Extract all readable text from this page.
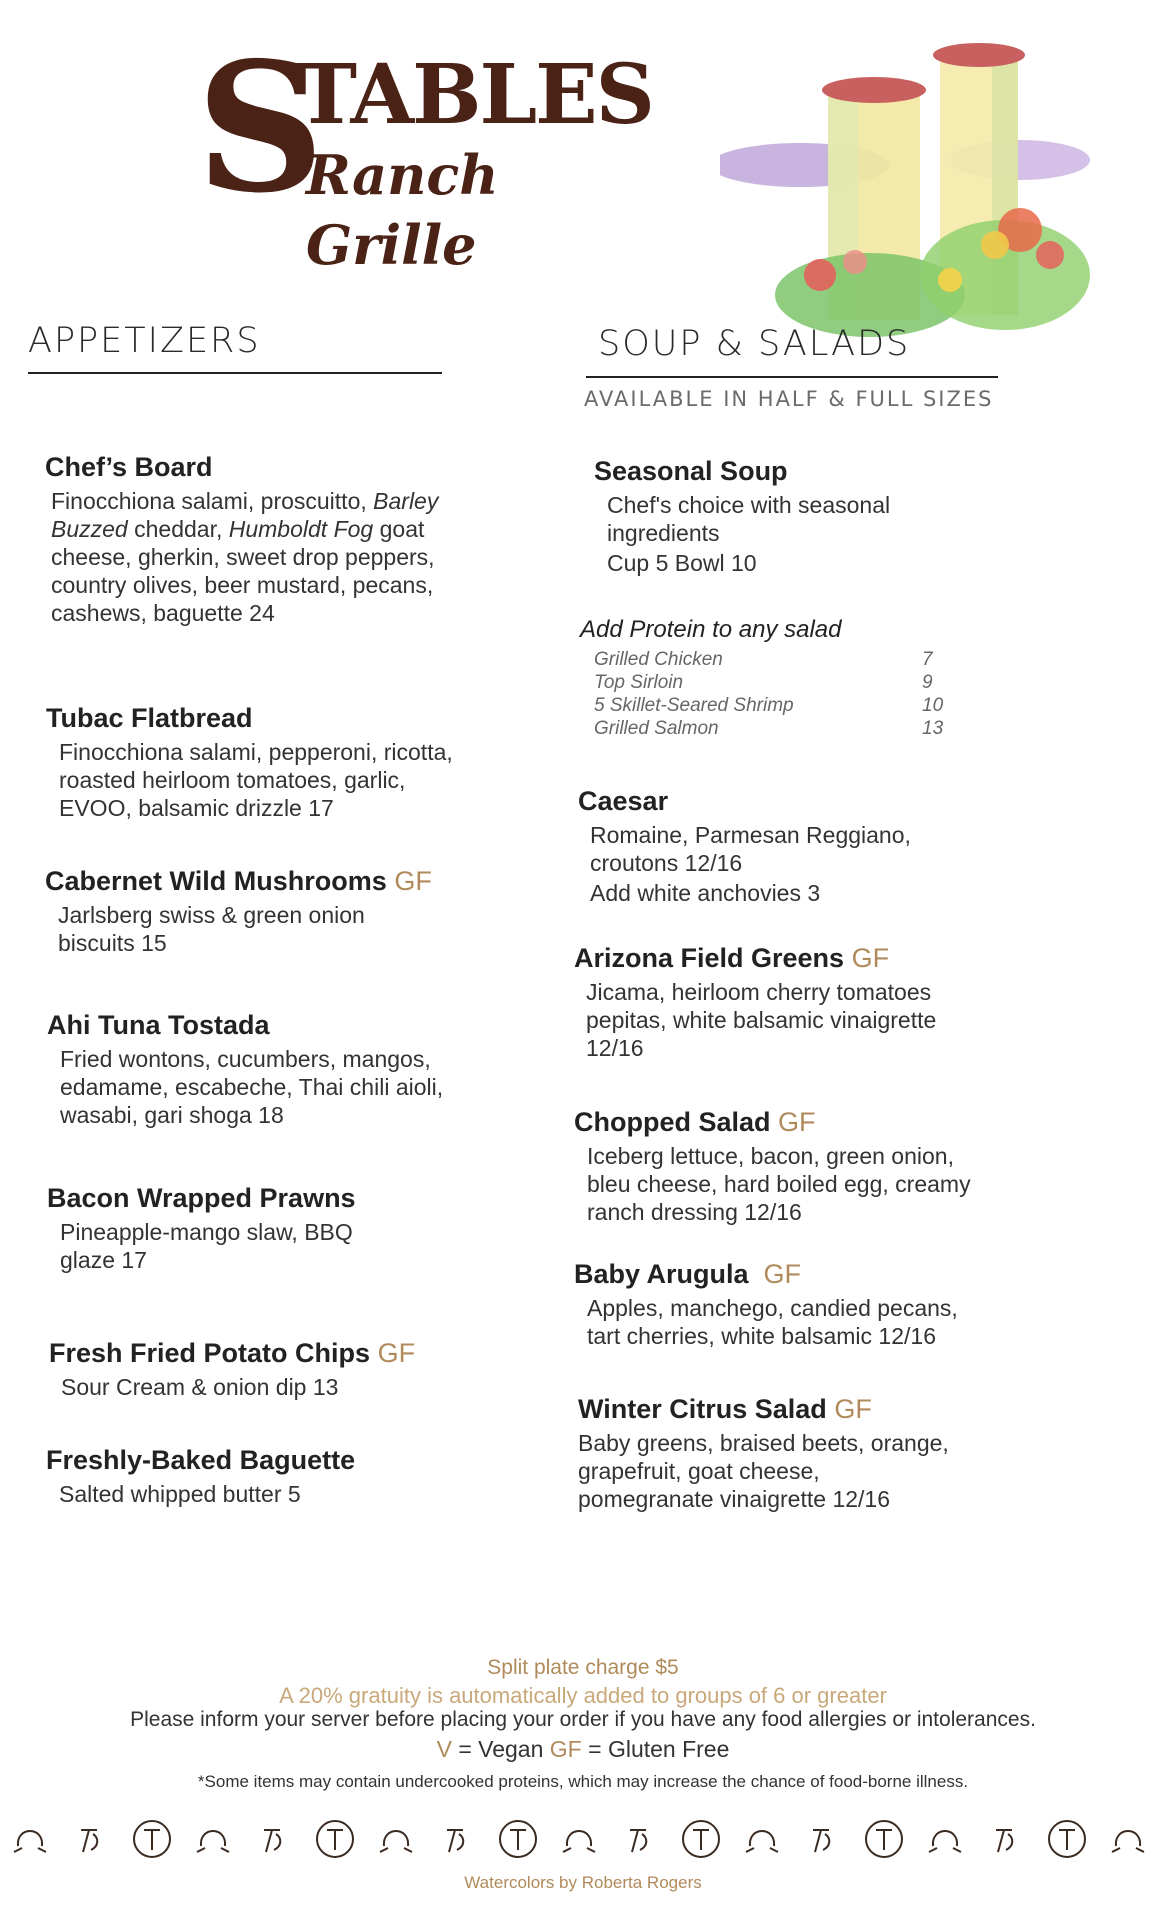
S
TABLES
Ranch Grille
APPETIZERS	SOUP & SALADS
AVAILABLE IN HALF & FULL SIZES
Chef’s Board
Finocchiona salami, proscuitto, Barley Buzzed cheddar, Humboldt Fog goat cheese, gherkin, sweet drop peppers, country olives, beer mustard, pecans, cashews, baguette 24
Tubac Flatbread
Finocchiona salami, pepperoni, ricotta, roasted heirloom tomatoes, garlic, EVOO, balsamic drizzle 17
Cabernet Wild Mushrooms GF
Jarlsberg swiss & green onion biscuits 15
Ahi Tuna Tostada
Fried wontons, cucumbers, mangos, edamame, escabeche, Thai chili aioli, wasabi, gari shoga 18
Bacon Wrapped Prawns
Pineapple-mango slaw, BBQ glaze 17
Fresh Fried Potato Chips GF
Sour Cream & onion dip 13
Freshly-Baked Baguette
Salted whipped butter 5
Seasonal Soup
Chef's choice with seasonal ingredients
Cup 5 Bowl 10
Add Protein to any salad
Grilled Chicken	7
Top Sirloin	9
5 Skillet-Seared Shrimp	10
Grilled Salmon	13
Caesar
Romaine, Parmesan Reggiano, croutons 12/16
Add white anchovies 3
Arizona Field Greens GF
Jicama, heirloom cherry tomatoes pepitas, white balsamic vinaigrette 12/16
Chopped Salad GF
Iceberg lettuce, bacon, green onion, bleu cheese, hard boiled egg, creamy ranch dressing 12/16
Baby Arugula GF
Apples, manchego, candied pecans, tart cherries, white balsamic 12/16
Winter Citrus Salad GF
Baby greens, braised beets, orange, grapefruit, goat cheese, pomegranate vinaigrette 12/16
Split plate charge $5
A 20% gratuity is automatically added to groups of 6 or greater
Please inform your server before placing your order if you have any food allergies or intolerances.
V = Vegan GF = Gluten Free
*Some items may contain undercooked proteins, which may increase the chance of food-borne illness.
Watercolors by Roberta Rogers
